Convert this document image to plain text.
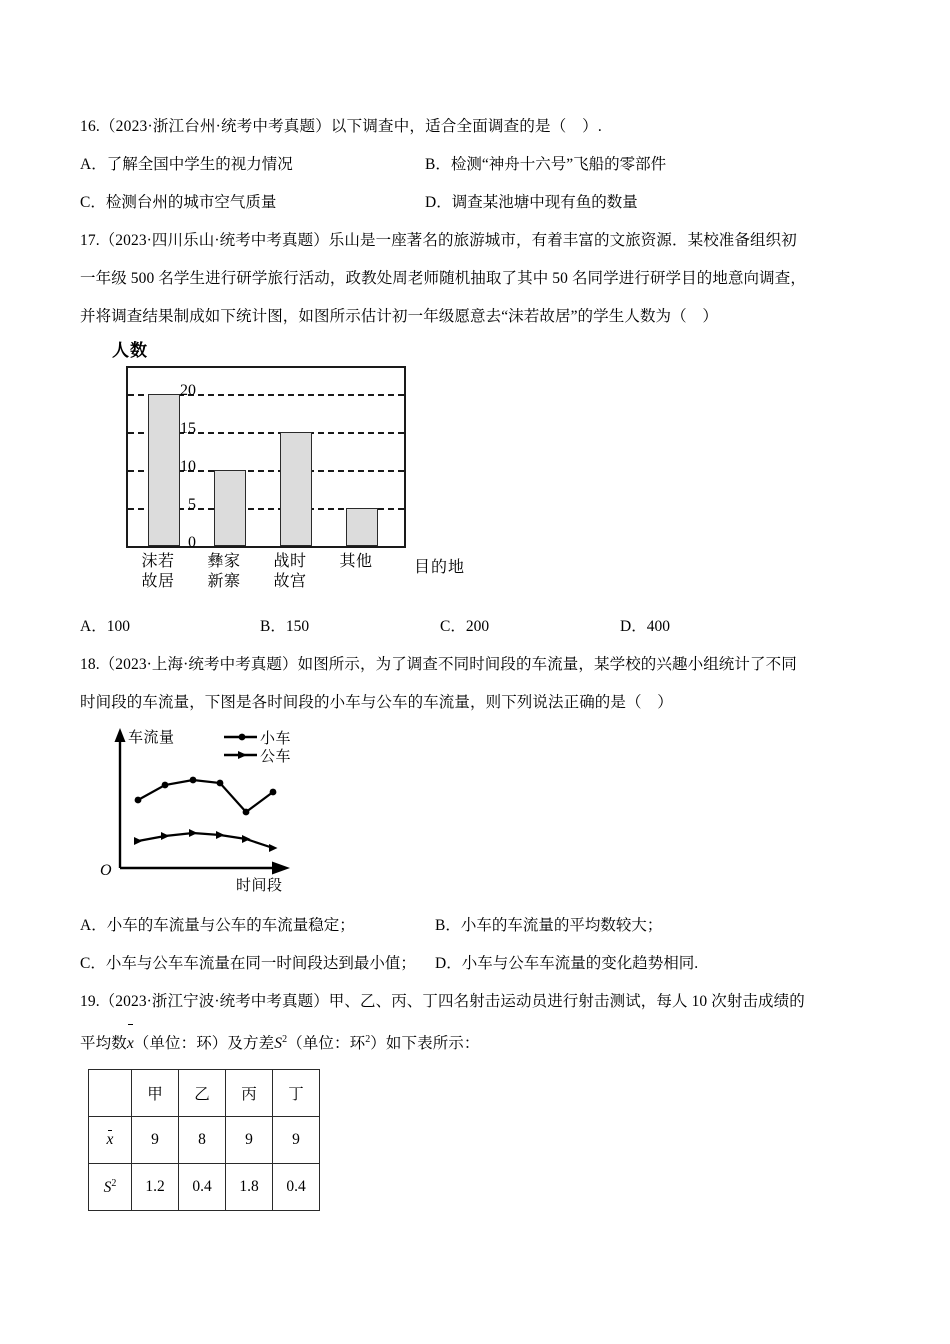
16.（2023·浙江台州·统考中考真题）以下调查中，适合全面调查的是（　）.
A．了解全国中学生的视力情况	B．检测“神舟十六号”飞船的零部件
C．检测台州的城市空气质量	D．调查某池塘中现有鱼的数量
17.（2023·四川乐山·统考中考真题）乐山是一座著名的旅游城市，有着丰富的文旅资源．某校准备组织初
一年级 500 名学生进行研学旅行活动，政教处周老师随机抽取了其中 50 名同学进行研学目的地意向调查，
并将调查结果制成如下统计图，如图所示估计初一年级愿意去“沫若故居”的学生人数为（　）
人数
20
15
10
5
0
沫若
故居
彝家
新寨
战时
故宫
其他	目的地
A．100	B．150	C．200	D．400
18.（2023·上海·统考中考真题）如图所示，为了调查不同时间段的车流量，某学校的兴趣小组统计了不同
时间段的车流量，下图是各时间段的小车与公车的车流量，则下列说法正确的是（　）
车流量
O
时间段
小车
公车
A．小车的车流量与公车的车流量稳定；	B．小车的车流量的平均数较大；
C．小车与公车车流量在同一时间段达到最小值；	D．小车与公车车流量的变化趋势相同.
19.（2023·浙江宁波·统考中考真题）甲、乙、丙、丁四名射击运动员进行射击测试，每人 10 次射击成绩的
平均数x（单位：环）及方差$S^2$（单位：环$^2$）如下表所示：
	甲	乙	丙	丁
x	9	8	9	9
$S^2$	1.2	0.4	1.8	0.4
